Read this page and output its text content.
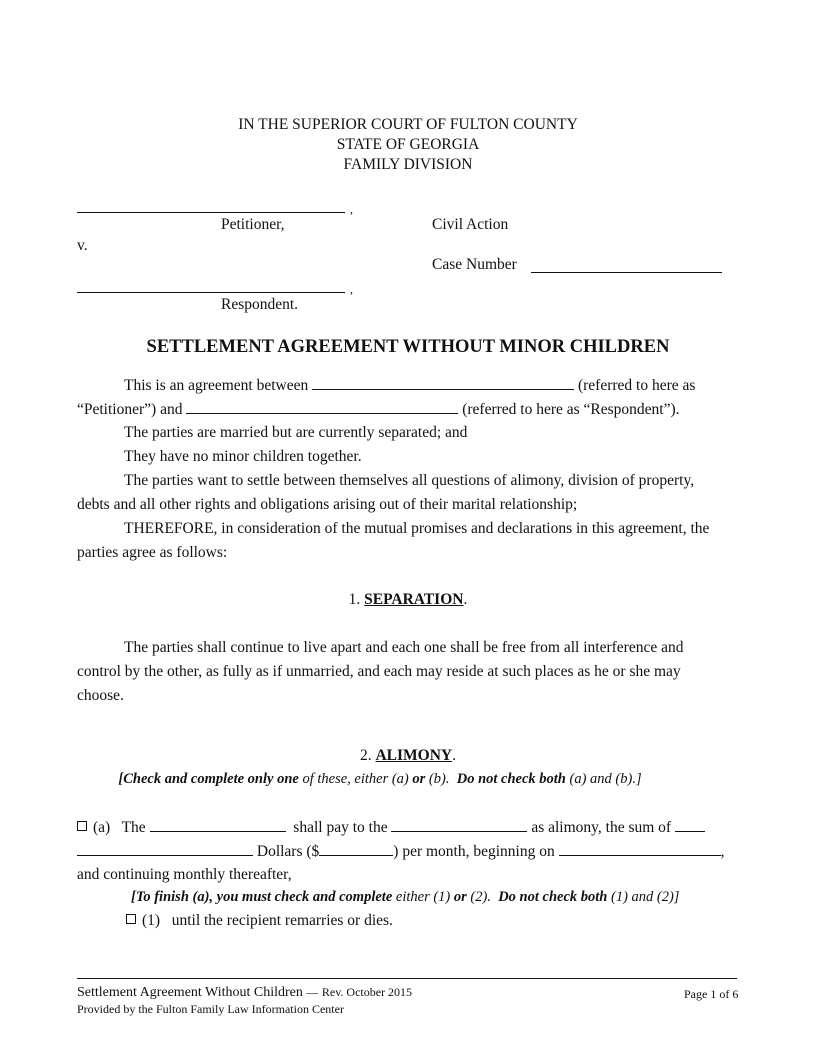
IN THE SUPERIOR COURT OF FULTON COUNTY
STATE OF GEORGIA
FAMILY DIVISION
,
Petitioner,	Civil Action
v.
Case Number
,
Respondent.
SETTLEMENT AGREEMENT WITHOUT MINOR CHILDREN
This is an agreement between	(referred to here as
“Petitioner”) and	(referred to here as “Respondent”).
The parties are married but are currently separated; and
They have no minor children together.
The parties want to settle between themselves all questions of alimony, division of property,
debts and all other rights and obligations arising out of their marital relationship;
THEREFORE, in consideration of the mutual promises and declarations in this agreement, the
parties agree as follows:
1. SEPARATION.
The parties shall continue to live apart and each one shall be free from all interference and
control by the other, as fully as if unmarried, and each may reside at such places as he or she may
choose.
2. ALIMONY.
[Check and complete only one of these, either (a) or (b). Do not check both (a) and (b).]
(a) The	shall pay to the	as alimony, the sum of
Dollars ($	) per month, beginning on	,
and continuing monthly thereafter,
[To finish (a), you must check and complete either (1) or (2). Do not check both (1) and (2)]
(1) until the recipient remarries or dies.
Settlement Agreement Without Children — Rev. October 2015
Provided by the Fulton Family Law Information Center
Page 1 of 6
